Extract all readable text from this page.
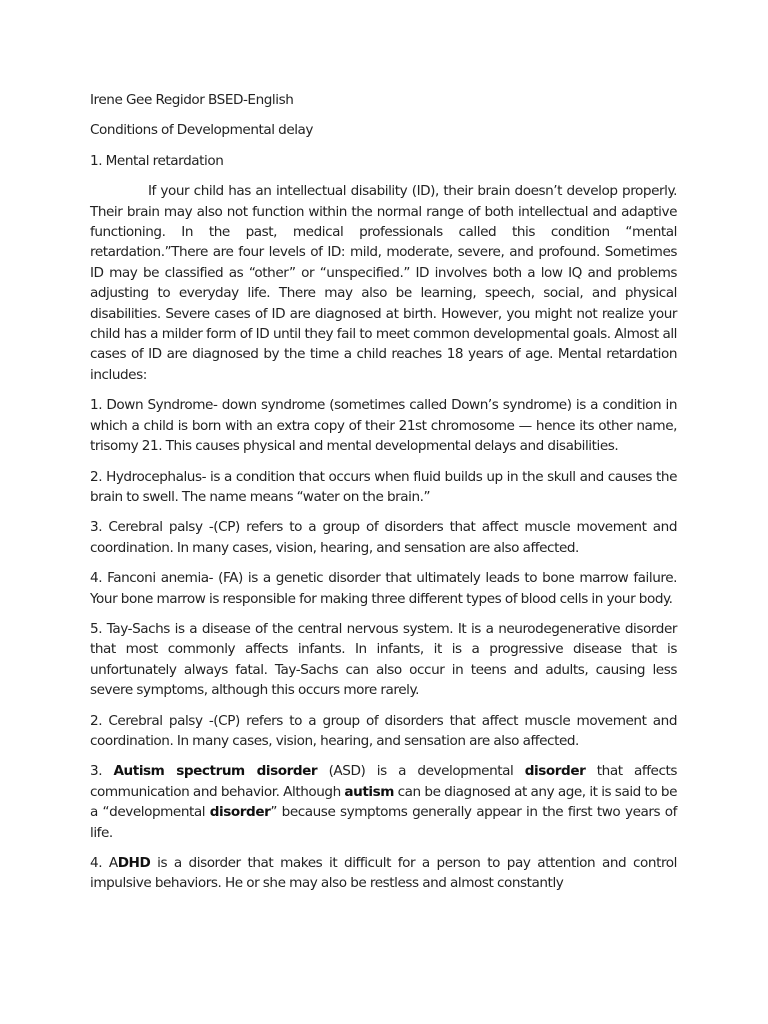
Irene Gee Regidor BSED-English

Conditions of Developmental delay

1. Mental retardation

If your child has an intellectual disability (ID), their brain doesn’t develop properly. Their brain may also not function within the normal range of both intellectual and adaptive functioning. In the past, medical professionals called this condition “mental retardation.”There are four levels of ID: mild, moderate, severe, and profound. Sometimes ID may be classified as “other” or “unspecified.” ID involves both a low IQ and problems adjusting to everyday life. There may also be learning, speech, social, and physical disabilities. Severe cases of ID are diagnosed at birth. However, you might not realize your child has a milder form of ID until they fail to meet common developmental goals. Almost all cases of ID are diagnosed by the time a child reaches 18 years of age. Mental retardation includes:

1. Down Syndrome- down syndrome (sometimes called Down’s syndrome) is a condition in which a child is born with an extra copy of their 21st chromosome — hence its other name, trisomy 21. This causes physical and mental developmental delays and disabilities.

2. Hydrocephalus- is a condition that occurs when fluid builds up in the skull and causes the brain to swell. The name means “water on the brain.”

3. Cerebral palsy -(CP) refers to a group of disorders that affect muscle movement and coordination. In many cases, vision, hearing, and sensation are also affected.

4. Fanconi anemia- (FA) is a genetic disorder that ultimately leads to bone marrow failure. Your bone marrow is responsible for making three different types of blood cells in your body.

5. Tay-Sachs is a disease of the central nervous system. It is a neurodegenerative disorder that most commonly affects infants. In infants, it is a progressive disease that is unfortunately always fatal. Tay-Sachs can also occur in teens and adults, causing less severe symptoms, although this occurs more rarely.

2. Cerebral palsy -(CP) refers to a group of disorders that affect muscle movement and coordination. In many cases, vision, hearing, and sensation are also affected.

3. Autism spectrum disorder (ASD) is a developmental disorder that affects communication and behavior. Although autism can be diagnosed at any age, it is said to be a “developmental disorder” because symptoms generally appear in the first two years of life.

4. ADHD is a disorder that makes it difficult for a person to pay attention and control impulsive behaviors. He or she may also be restless and almost constantly
